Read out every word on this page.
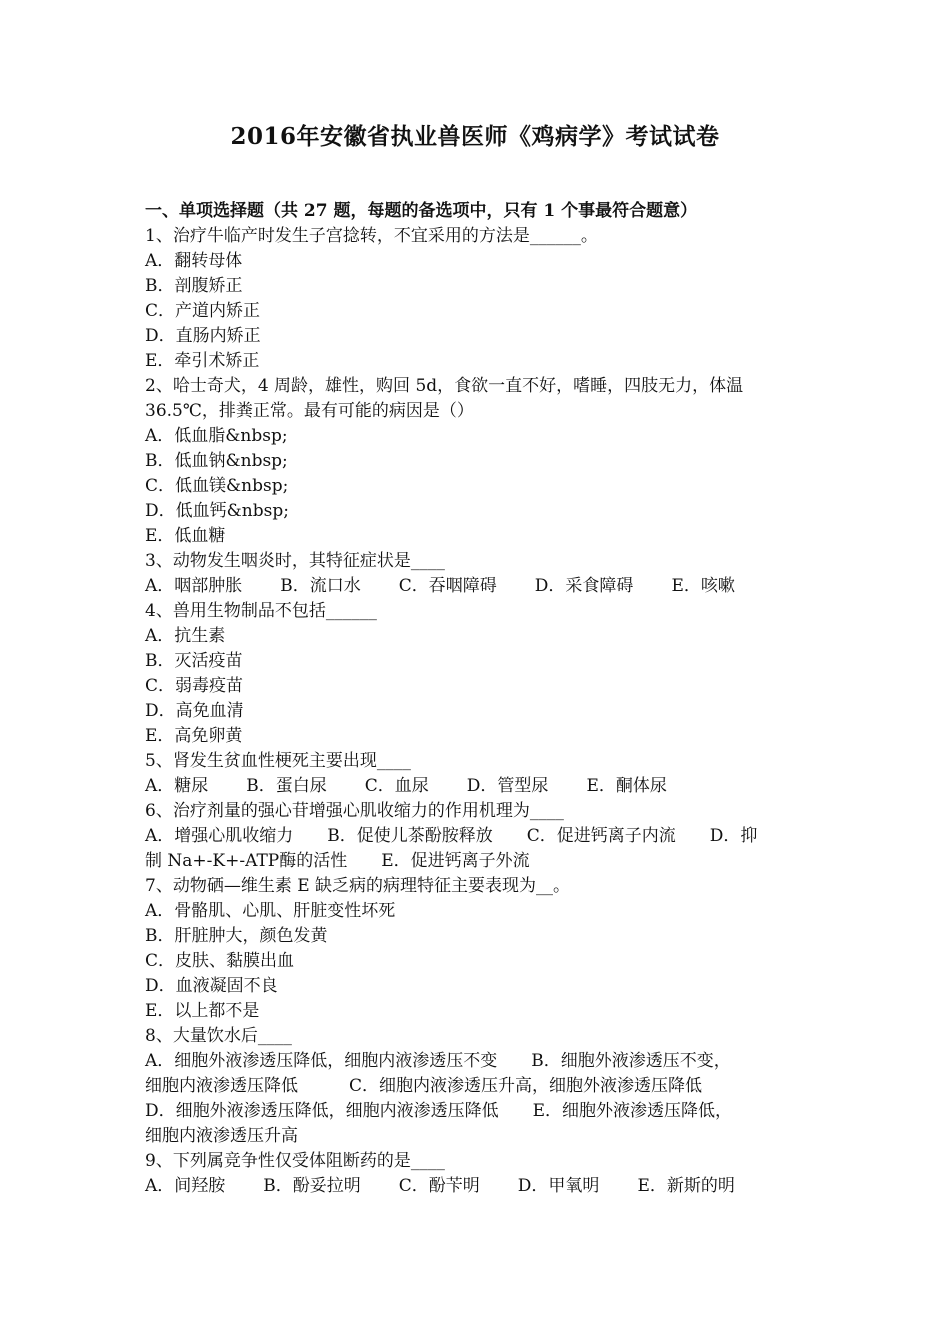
2016年安徽省执业兽医师《鸡病学》考试试卷
一、单项选择题（共 27 题，每题的备选项中，只有 1 个事最符合题意）
1、治疗牛临产时发生子宫捻转，不宜采用的方法是______。
A．翻转母体
B．剖腹矫正
C．产道内矫正
D．直肠内矫正
E．牵引术矫正
2、哈士奇犬，4 周龄，雄性，购回 5d，食欲一直不好，嗜睡，四肢无力，体温
36.5℃，排粪正常。最有可能的病因是（）
A．低血脂&nbsp;
B．低血钠&nbsp;
C．低血镁&nbsp;
D．低血钙&nbsp;
E．低血糖
3、动物发生咽炎时，其特征症状是____
A．咽部肿胀 B．流口水 C．吞咽障碍 D．采食障碍 E．咳嗽
4、兽用生物制品不包括______
A．抗生素
B．灭活疫苗
C．弱毒疫苗
D．高免血清
E．高免卵黄
5、肾发生贫血性梗死主要出现____
A．糖尿 B．蛋白尿 C．血尿 D．管型尿 E．酮体尿
6、治疗剂量的强心苷增强心肌收缩力的作用机理为____
A．增强心肌收缩力　　B．促使儿茶酚胺释放　　C．促进钙离子内流　　D．抑
制 Na+-K+-ATP酶的活性　　E．促进钙离子外流
7、动物硒—维生素 E 缺乏病的病理特征主要表现为__。
A．骨骼肌、心肌、肝脏变性坏死
B．肝脏肿大，颜色发黄
C．皮肤、黏膜出血
D．血液凝固不良
E．以上都不是
8、大量饮水后____
A．细胞外液渗透压降低，细胞内液渗透压不变　　B．细胞外液渗透压不变，
细胞内液渗透压降低　　　C．细胞内液渗透压升高，细胞外液渗透压降低
D．细胞外液渗透压降低，细胞内液渗透压降低　　E．细胞外液渗透压降低，
细胞内液渗透压升高
9、下列属竞争性仅受体阻断药的是____
A．间羟胺 B．酚妥拉明 C．酚苄明 D．甲氧明 E．新斯的明
